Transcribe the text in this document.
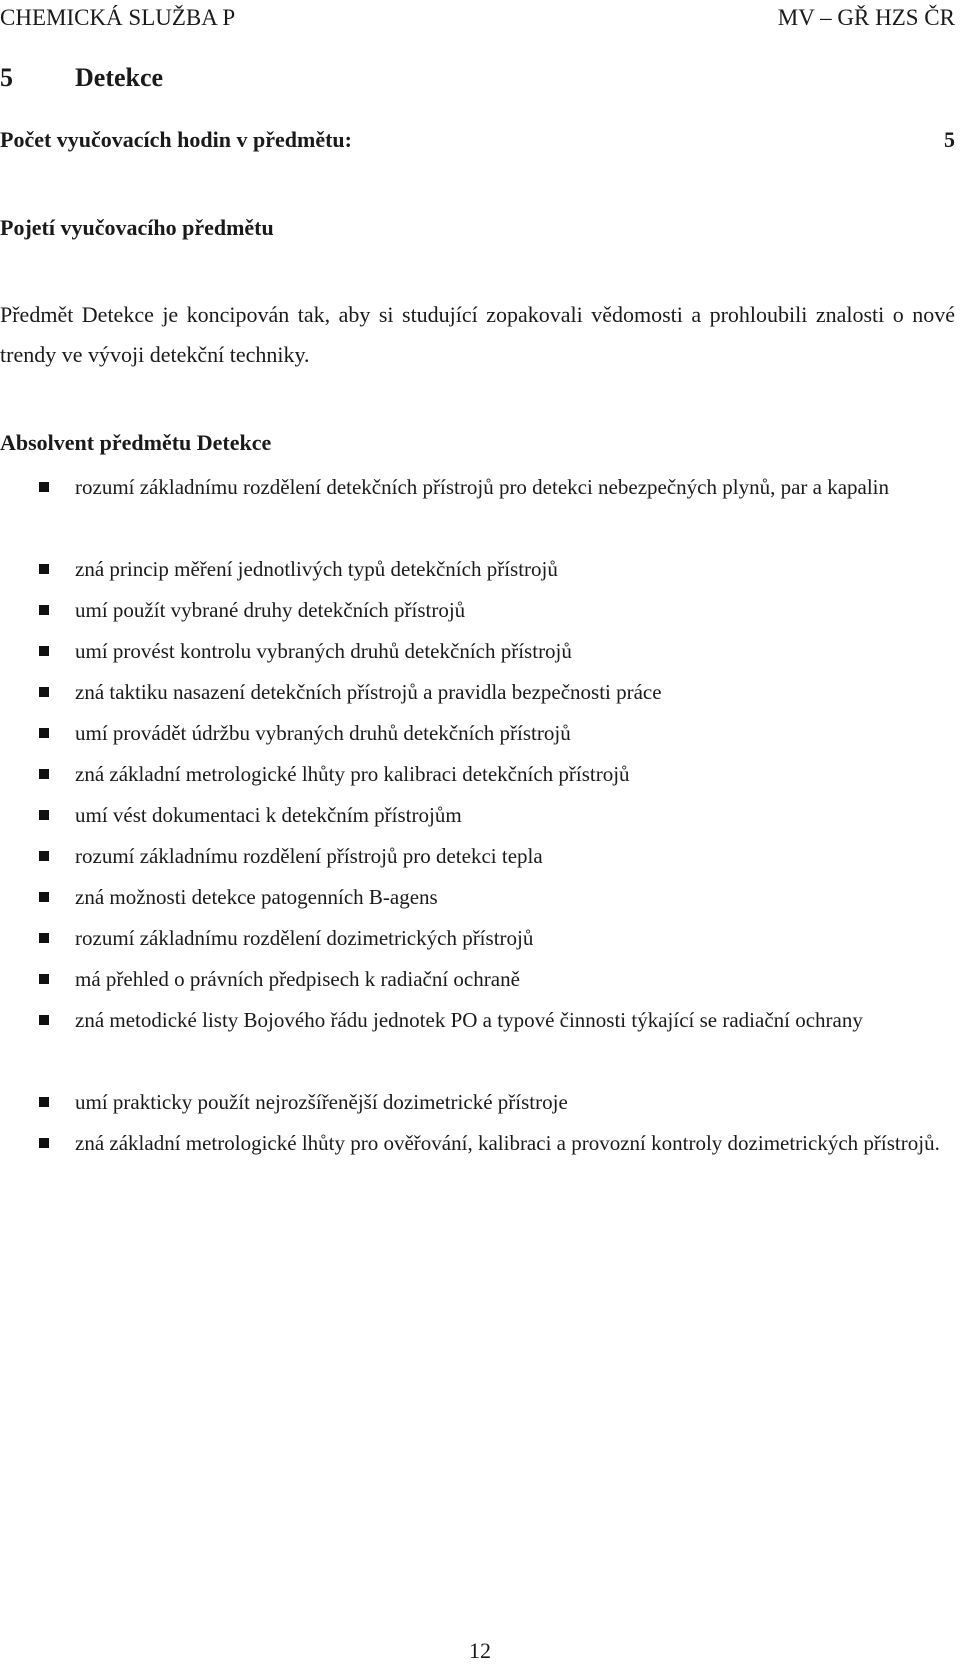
CHEMICKÁ SLUŽBA P	MV – GŘ HZS ČR
5 Detekce
Počet vyučovacích hodin v předmětu:	5
Pojetí vyučovacího předmětu
Předmět Detekce je koncipován tak, aby si studující zopakovali vědomosti a prohloubili znalosti o nové trendy ve vývoji detekční techniky.
Absolvent předmětu Detekce
rozumí základnímu rozdělení detekčních přístrojů pro detekci nebezpečných plynů, par a kapalin
zná princip měření jednotlivých typů detekčních přístrojů
umí použít vybrané druhy detekčních přístrojů
umí provést kontrolu vybraných druhů detekčních přístrojů
zná taktiku nasazení detekčních přístrojů a pravidla bezpečnosti práce
umí provádět údržbu vybraných druhů detekčních přístrojů
zná základní metrologické lhůty pro kalibraci detekčních přístrojů
umí vést dokumentaci k detekčním přístrojům
rozumí základnímu rozdělení přístrojů pro detekci tepla
zná možnosti detekce patogenních B-agens
rozumí základnímu rozdělení dozimetrických přístrojů
má přehled o právních předpisech k radiační ochraně
zná metodické listy Bojového řádu jednotek PO a typové činnosti týkající se radiační ochrany
umí prakticky použít nejrozšířenější dozimetrické přístroje
zná základní metrologické lhůty pro ověřování, kalibraci a provozní kontroly dozimetrických přístrojů.
12
